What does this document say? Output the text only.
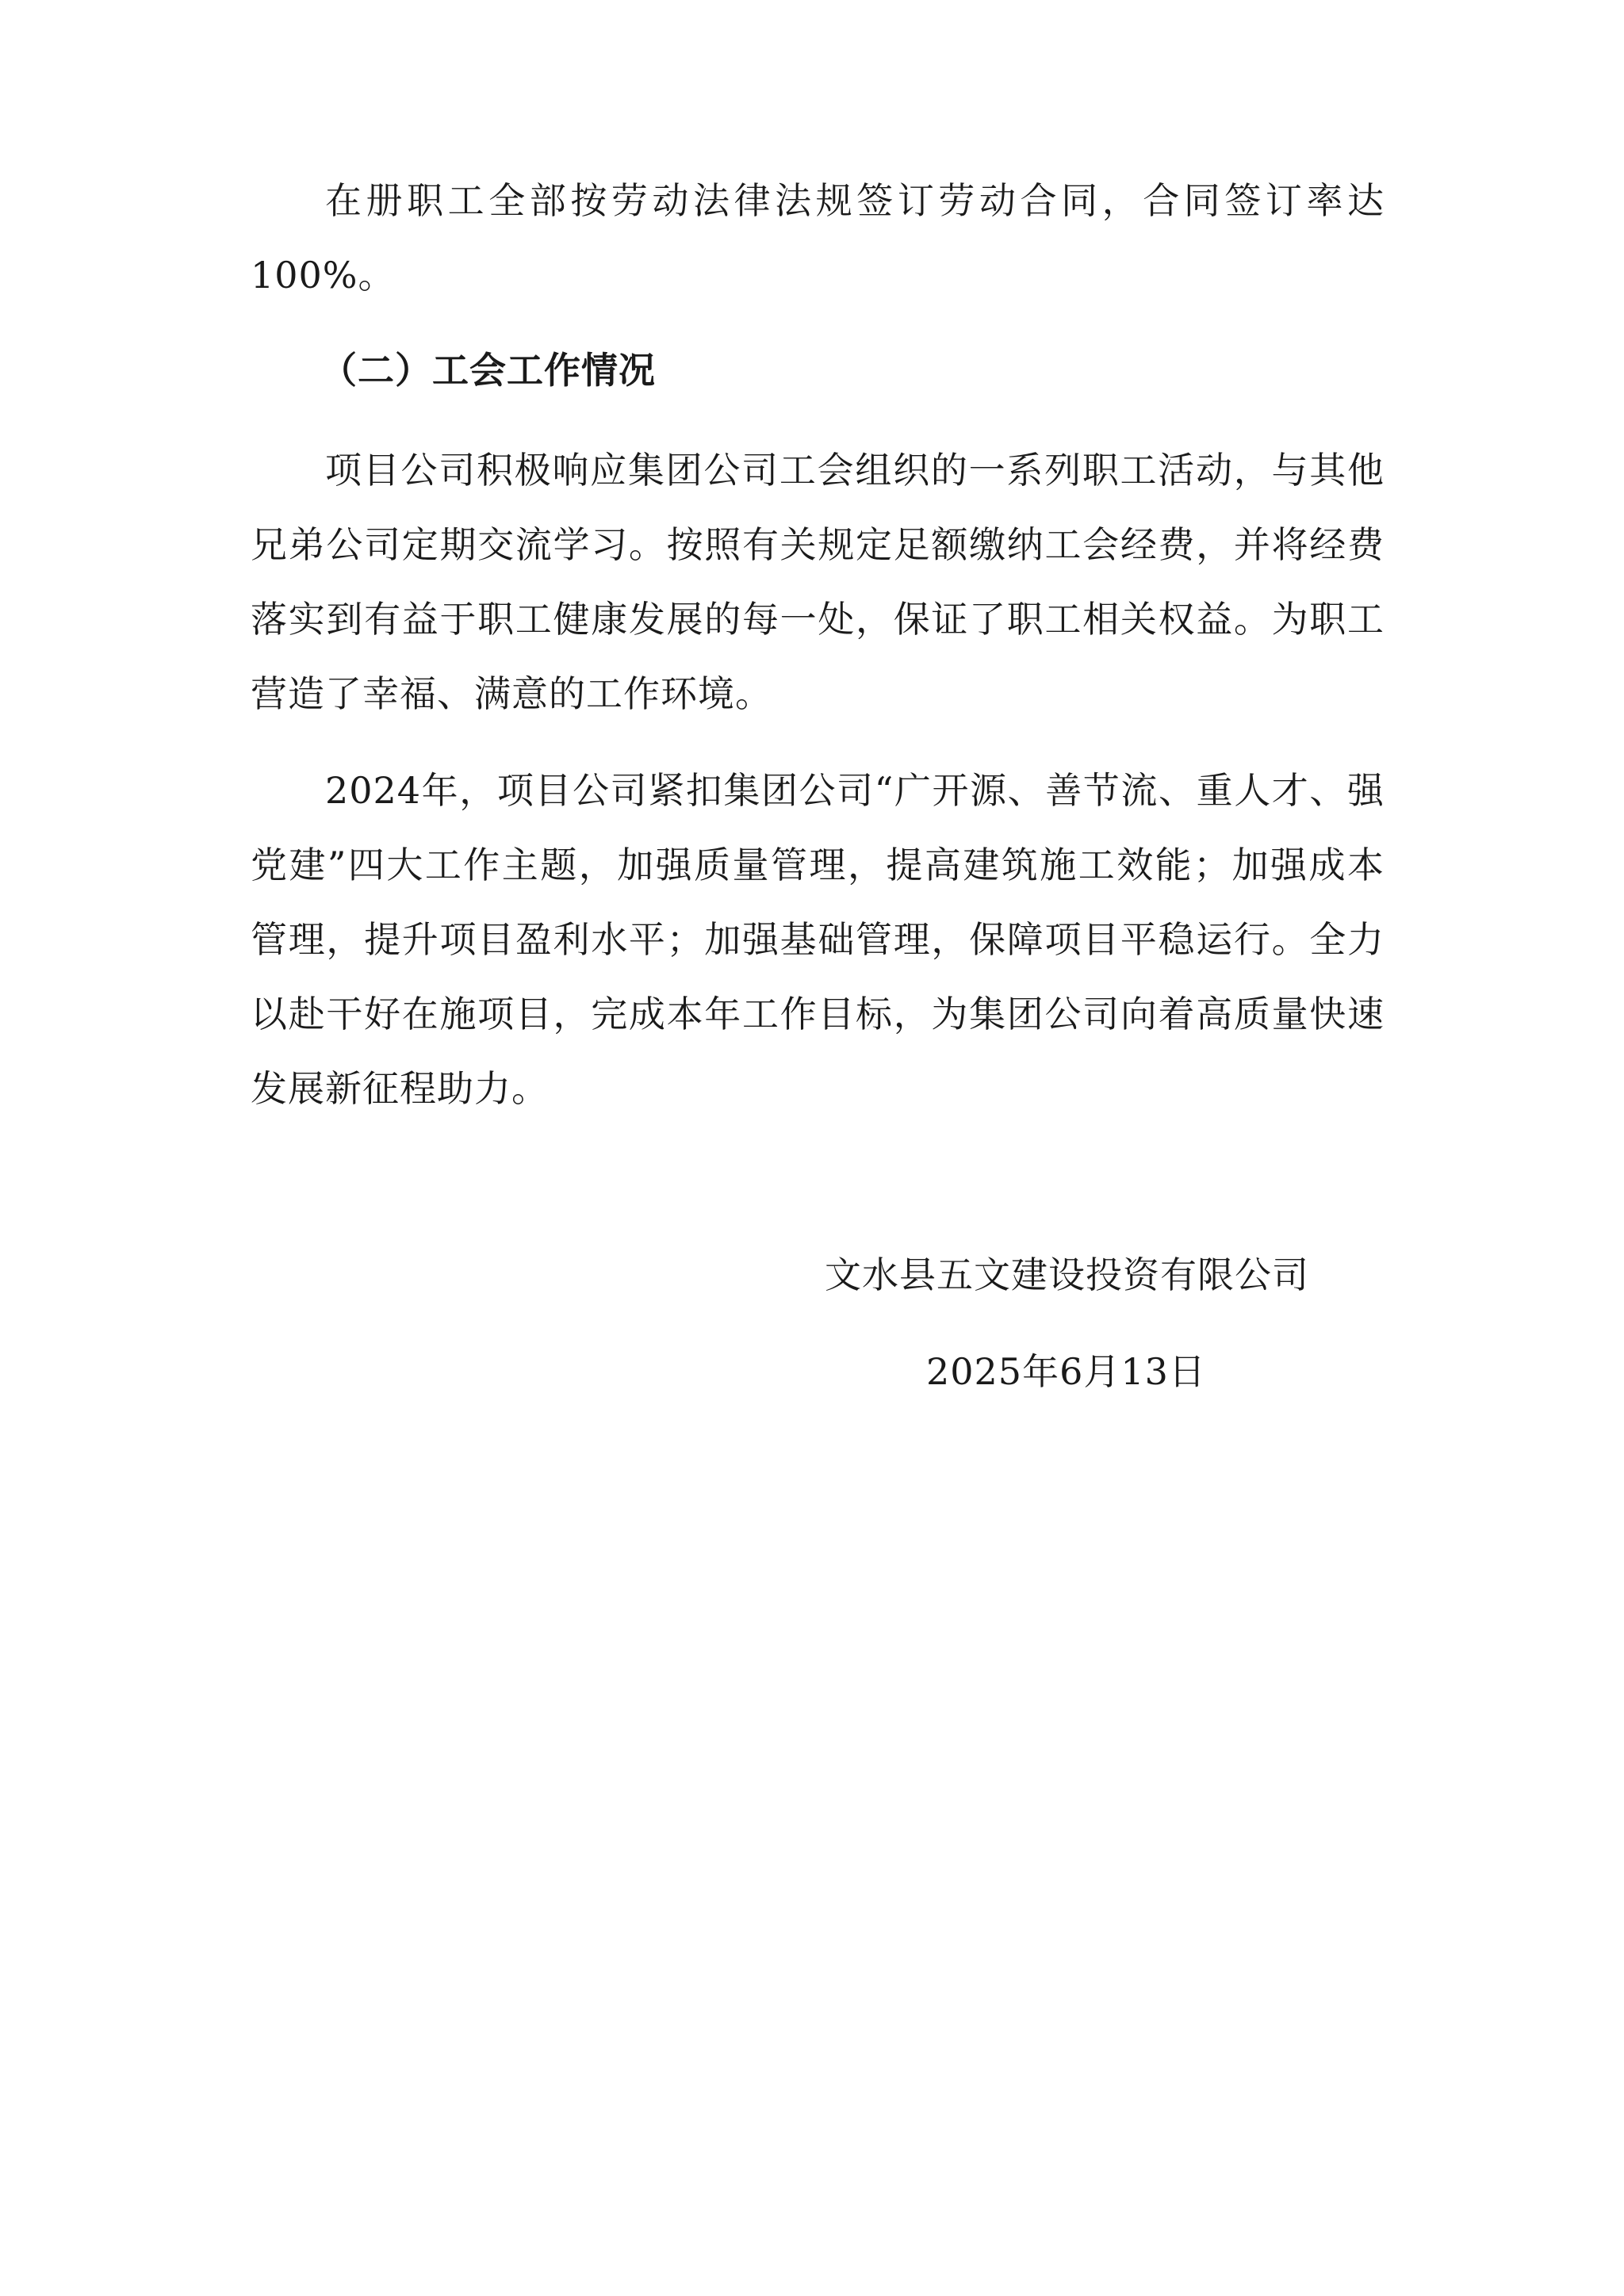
在册职工全部按劳动法律法规签订劳动合同，合同签订率达100%。

（二）工会工作情况

项目公司积极响应集团公司工会组织的一系列职工活动，与其他兄弟公司定期交流学习。按照有关规定足额缴纳工会经费，并将经费落实到有益于职工健康发展的每一处，保证了职工相关权益。为职工营造了幸福、满意的工作环境。

2024年，项目公司紧扣集团公司“广开源、善节流、重人才、强党建”四大工作主题，加强质量管理，提高建筑施工效能；加强成本管理，提升项目盈利水平；加强基础管理，保障项目平稳运行。全力以赴干好在施项目，完成本年工作目标，为集团公司向着高质量快速发展新征程助力。

文水县五文建设投资有限公司

2025年6月13日
